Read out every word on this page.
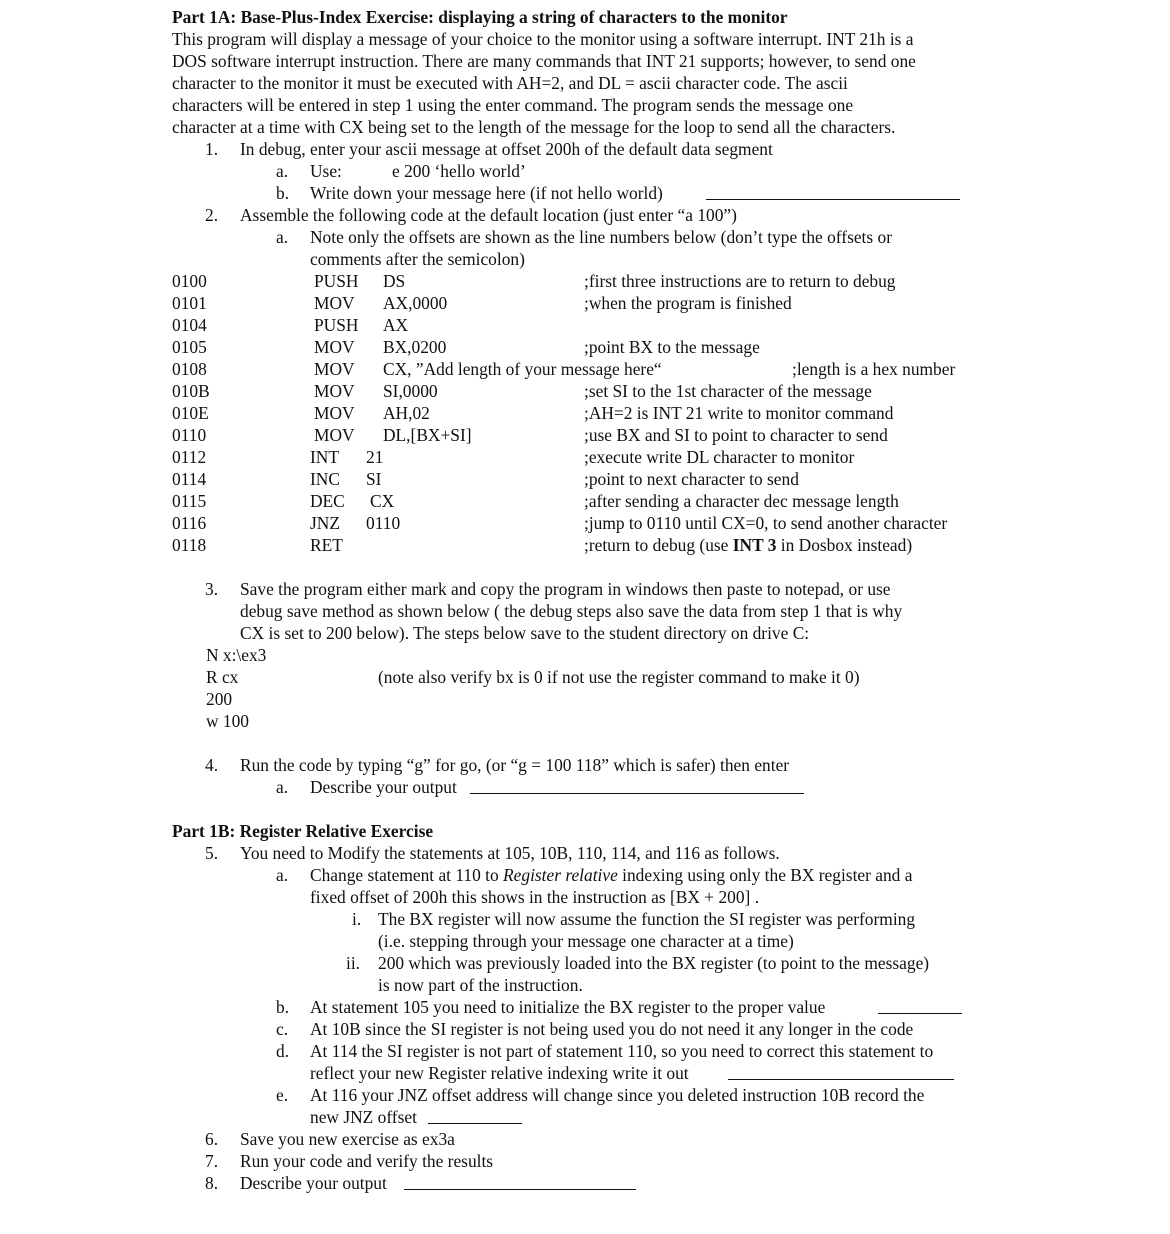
Part 1A: Base-Plus-Index Exercise: displaying a string of characters to the monitor
This program will display a message of your choice to the monitor using a software interrupt. INT 21h is a
DOS software interrupt instruction. There are many commands that INT 21 supports; however, to send one
character to the monitor it must be executed with AH=2, and DL = ascii character code. The ascii
characters will be entered in step 1 using the enter command. The program sends the message one
character at a time with CX being set to the length of the message for the loop to send all the characters.
1. In debug, enter your ascii message at offset 200h of the default data segment
a. Use:	e 200 ‘hello world’
b. Write down your message here (if not hello world)
2. Assemble the following code at the default location (just enter “a 100”)
a. Note only the offsets are shown as the line numbers below (don’t type the offsets or
comments after the semicolon)
0100	PUSH DS	;first three instructions are to return to debug
0101	MOV AX,0000	;when the program is finished
0104	PUSH AX
0105	MOV BX,0200	;point BX to the message
0108	MOV CX, ”Add length of your message here“	;length is a hex number
010B	MOV SI,0000	;set SI to the 1st character of the message
010E	MOV AH,02	;AH=2 is INT 21 write to monitor command
0110	MOV DL,[BX+SI]	;use BX and SI to point to character to send
0112	INT 21	;execute write DL character to monitor
0114	INC SI	;point to next character to send
0115	DEC CX	;after sending a character dec message length
0116	JNZ 0110	;jump to 0110 until CX=0, to send another character
0118	RET	;return to debug (use INT 3 in Dosbox instead)
3. Save the program either mark and copy the program in windows then paste to notepad, or use
debug save method as shown below ( the debug steps also save the data from step 1 that is why
CX is set to 200 below). The steps below save to the student directory on drive C:
N x:\ex3
R cx	(note also verify bx is 0 if not use the register command to make it 0)
200
w 100
4. Run the code by typing “g” for go, (or “g = 100 118” which is safer) then enter
a. Describe your output
Part 1B: Register Relative Exercise
5. You need to Modify the statements at 105, 10B, 110, 114, and 116 as follows.
a. Change statement at 110 to Register relative indexing using only the BX register and a
fixed offset of 200h this shows in the instruction as [BX + 200] .
i. The BX register will now assume the function the SI register was performing
(i.e. stepping through your message one character at a time)
ii. 200 which was previously loaded into the BX register (to point to the message)
is now part of the instruction.
b. At statement 105 you need to initialize the BX register to the proper value
c. At 10B since the SI register is not being used you do not need it any longer in the code
d. At 114 the SI register is not part of statement 110, so you need to correct this statement to
reflect your new Register relative indexing write it out
e. At 116 your JNZ offset address will change since you deleted instruction 10B record the
new JNZ offset
6. Save you new exercise as ex3a
7. Run your code and verify the results
8. Describe your output
